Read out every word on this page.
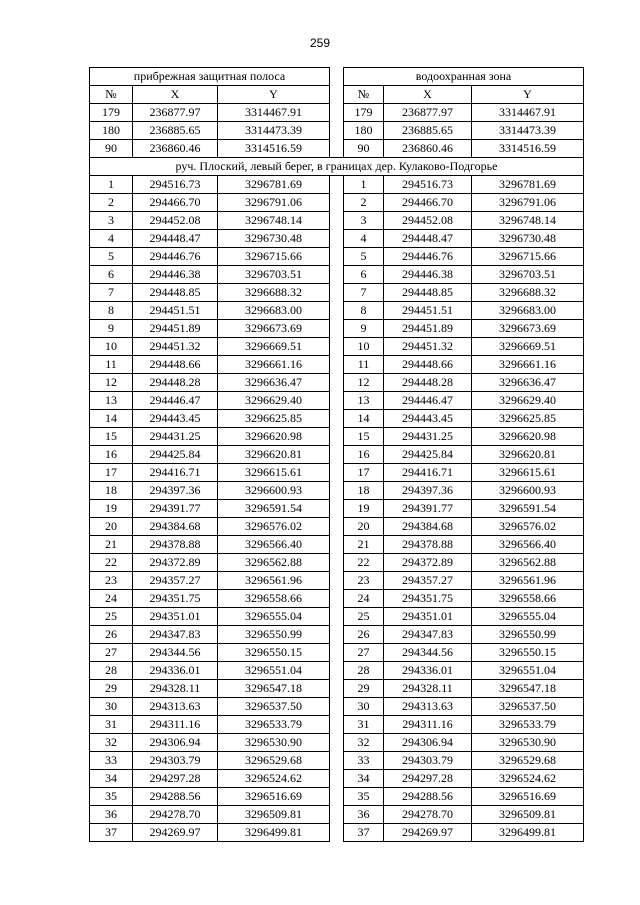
259
прибрежная защитная полоса				водоохранная зона		
№	X	Y		№	X	Y
179	236877.97	3314467.91		179	236877.97	3314467.91
180	236885.65	3314473.39		180	236885.65	3314473.39
90	236860.46	3314516.59		90	236860.46	3314516.59
руч. Плоский, левый берег, в границах дер. Кулаково-Подгорье						
1	294516.73	3296781.69		1	294516.73	3296781.69
2	294466.70	3296791.06		2	294466.70	3296791.06
3	294452.08	3296748.14		3	294452.08	3296748.14
4	294448.47	3296730.48		4	294448.47	3296730.48
5	294446.76	3296715.66		5	294446.76	3296715.66
6	294446.38	3296703.51		6	294446.38	3296703.51
7	294448.85	3296688.32		7	294448.85	3296688.32
8	294451.51	3296683.00		8	294451.51	3296683.00
9	294451.89	3296673.69		9	294451.89	3296673.69
10	294451.32	3296669.51		10	294451.32	3296669.51
11	294448.66	3296661.16		11	294448.66	3296661.16
12	294448.28	3296636.47		12	294448.28	3296636.47
13	294446.47	3296629.40		13	294446.47	3296629.40
14	294443.45	3296625.85		14	294443.45	3296625.85
15	294431.25	3296620.98		15	294431.25	3296620.98
16	294425.84	3296620.81		16	294425.84	3296620.81
17	294416.71	3296615.61		17	294416.71	3296615.61
18	294397.36	3296600.93		18	294397.36	3296600.93
19	294391.77	3296591.54		19	294391.77	3296591.54
20	294384.68	3296576.02		20	294384.68	3296576.02
21	294378.88	3296566.40		21	294378.88	3296566.40
22	294372.89	3296562.88		22	294372.89	3296562.88
23	294357.27	3296561.96		23	294357.27	3296561.96
24	294351.75	3296558.66		24	294351.75	3296558.66
25	294351.01	3296555.04		25	294351.01	3296555.04
26	294347.83	3296550.99		26	294347.83	3296550.99
27	294344.56	3296550.15		27	294344.56	3296550.15
28	294336.01	3296551.04		28	294336.01	3296551.04
29	294328.11	3296547.18		29	294328.11	3296547.18
30	294313.63	3296537.50		30	294313.63	3296537.50
31	294311.16	3296533.79		31	294311.16	3296533.79
32	294306.94	3296530.90		32	294306.94	3296530.90
33	294303.79	3296529.68		33	294303.79	3296529.68
34	294297.28	3296524.62		34	294297.28	3296524.62
35	294288.56	3296516.69		35	294288.56	3296516.69
36	294278.70	3296509.81		36	294278.70	3296509.81
37	294269.97	3296499.81		37	294269.97	3296499.81
